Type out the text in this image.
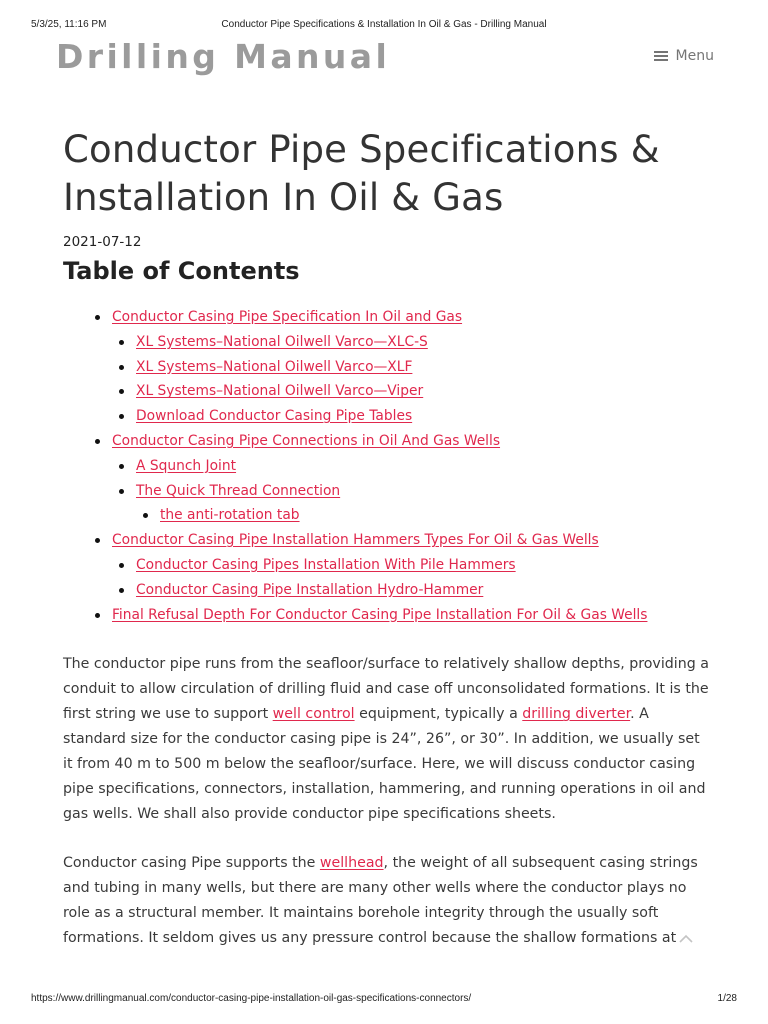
5/3/25, 11:16 PM	Conductor Pipe Specifications & Installation In Oil & Gas - Drilling Manual
Drilling Manual	Menu
Conductor Pipe Specifications &
Installation In Oil & Gas
2021-07-12
Table of Contents
Conductor Casing Pipe Specification In Oil and Gas
XL Systems–National Oilwell Varco—XLC-S
XL Systems–National Oilwell Varco—XLF
XL Systems–National Oilwell Varco—Viper
Download Conductor Casing Pipe Tables
Conductor Casing Pipe Connections in Oil And Gas Wells
A Squnch Joint
The Quick Thread Connection
the anti-rotation tab
Conductor Casing Pipe Installation Hammers Types For Oil & Gas Wells
Conductor Casing Pipes Installation With Pile Hammers
Conductor Casing Pipe Installation Hydro-Hammer
Final Refusal Depth For Conductor Casing Pipe Installation For Oil & Gas Wells

The conductor pipe runs from the seafloor/surface to relatively shallow depths, providing a conduit to allow circulation of drilling fluid and case off unconsolidated formations. It is the first string we use to support well control equipment, typically a drilling diverter. A standard size for the conductor casing pipe is 24”, 26”, or 30”. In addition, we usually set it from 40 m to 500 m below the seafloor/surface. Here, we will discuss conductor casing pipe specifications, connectors, installation, hammering, and running operations in oil and gas wells. We shall also provide conductor pipe specifications sheets.

Conductor casing Pipe supports the wellhead, the weight of all subsequent casing strings and tubing in many wells, but there are many other wells where the conductor plays no role as a structural member. It maintains borehole integrity through the usually soft formations. It seldom gives us any pressure control because the shallow formations at

https://www.drillingmanual.com/conductor-casing-pipe-installation-oil-gas-specifications-connectors/	1/28
